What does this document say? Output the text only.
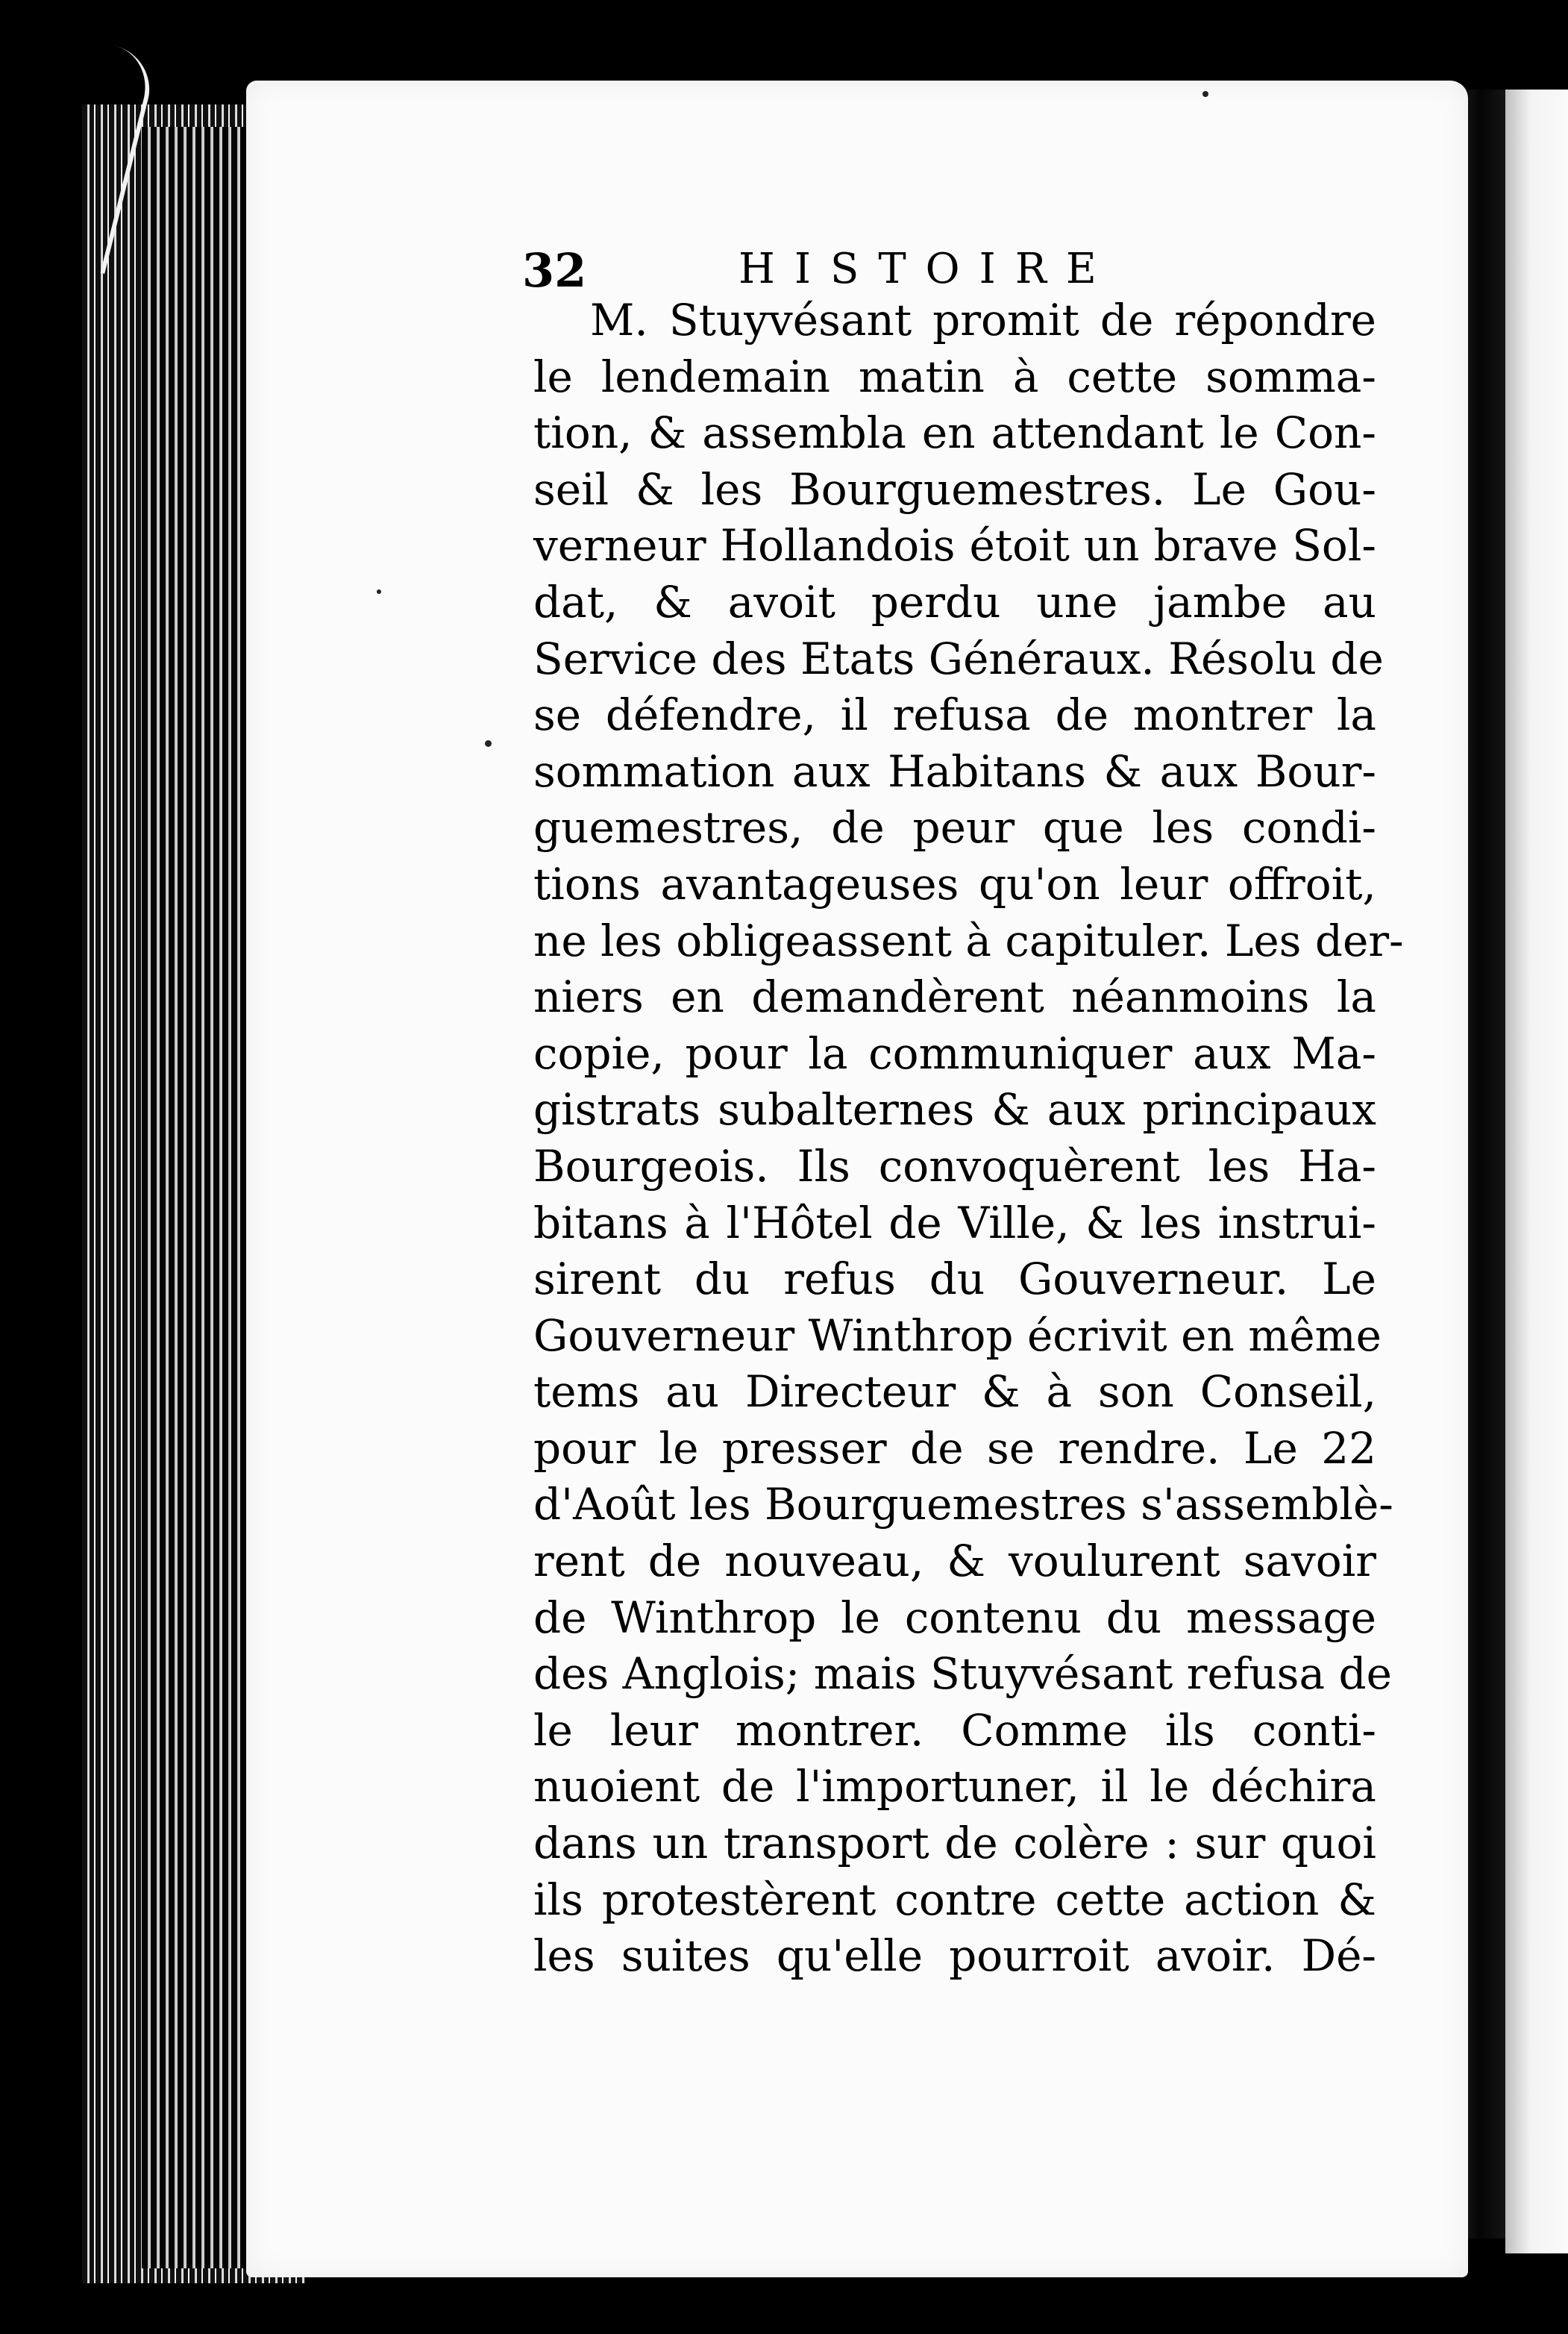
32	HISTOIRE
M. Stuyvésant promit de répondre
le lendemain matin à cette somma-
tion, & assembla en attendant le Con-
seil & les Bourguemestres. Le Gou-
verneur Hollandois étoit un brave Sol-
dat, & avoit perdu une jambe au
Service des Etats Généraux. Résolu de
se défendre, il refusa de montrer la
sommation aux Habitans & aux Bour-
guemestres, de peur que les condi-
tions avantageuses qu'on leur offroit,
ne les obligeassent à capituler. Les der-
niers en demandèrent néanmoins la
copie, pour la communiquer aux Ma-
gistrats subalternes & aux principaux
Bourgeois. Ils convoquèrent les Ha-
bitans à l'Hôtel de Ville, & les instrui-
sirent du refus du Gouverneur. Le
Gouverneur Winthrop écrivit en même
tems au Directeur & à son Conseil,
pour le presser de se rendre. Le 22
d'Août les Bourguemestres s'assemblè-
rent de nouveau, & voulurent savoir
de Winthrop le contenu du message
des Anglois; mais Stuyvésant refusa de
le leur montrer. Comme ils conti-
nuoient de l'importuner, il le déchira
dans un transport de colère : sur quoi
ils protestèrent contre cette action &
les suites qu'elle pourroit avoir. Dé-
